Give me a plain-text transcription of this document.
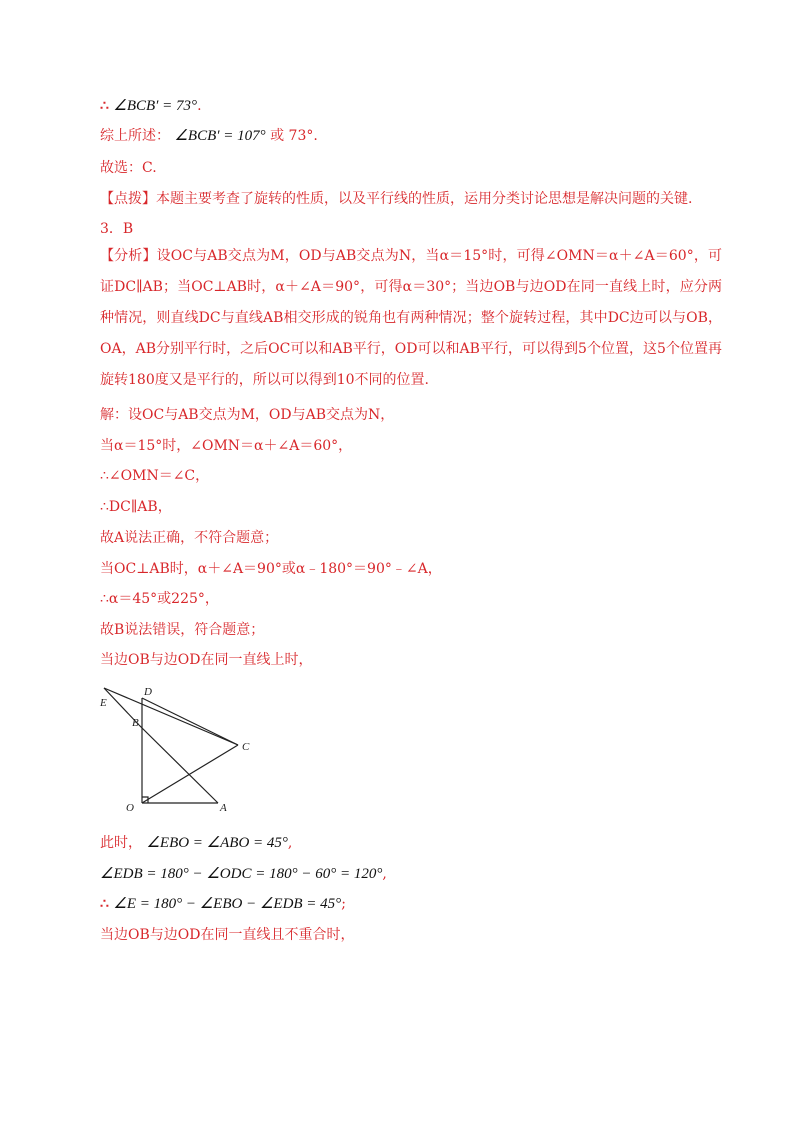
∴ ∠BCB′ = 73°.
综上所述： ∠BCB′ = 107° 或 73°.
故选：C.
【点拨】本题主要考查了旋转的性质，以及平行线的性质，运用分类讨论思想是解决问题的关键.
3．B
【分析】设OC与AB交点为M，OD与AB交点为N，当α＝15°时，可得∠OMN＝α＋∠A＝60°，可证DC∥AB；当OC⊥AB时，α＋∠A＝90°，可得α＝30°；当边OB与边OD在同一直线上时，应分两种情况，则直线DC与直线AB相交形成的锐角也有两种情况；整个旋转过程，其中DC边可以与OB，OA，AB分别平行时，之后OC可以和AB平行，OD可以和AB平行，可以得到5个位置，这5个位置再旋转180度又是平行的，所以可以得到10不同的位置.
解：设OC与AB交点为M，OD与AB交点为N，
当α＝15°时，∠OMN＝α＋∠A＝60°，
∴∠OMN＝∠C，
∴DC∥AB，
故A说法正确，不符合题意；
当OC⊥AB时，α＋∠A＝90°或α﹣180°＝90°﹣∠A，
∴α＝45°或225°，
故B说法错误，符合题意；
当边OB与边OD在同一直线上时，
E
D
B
C
O	A
此时， ∠EBO = ∠ABO = 45°,
∠EDB = 180° − ∠ODC = 180° − 60° = 120°,
∴ ∠E = 180° − ∠EBO − ∠EDB = 45°;
当边OB与边OD在同一直线且不重合时，
